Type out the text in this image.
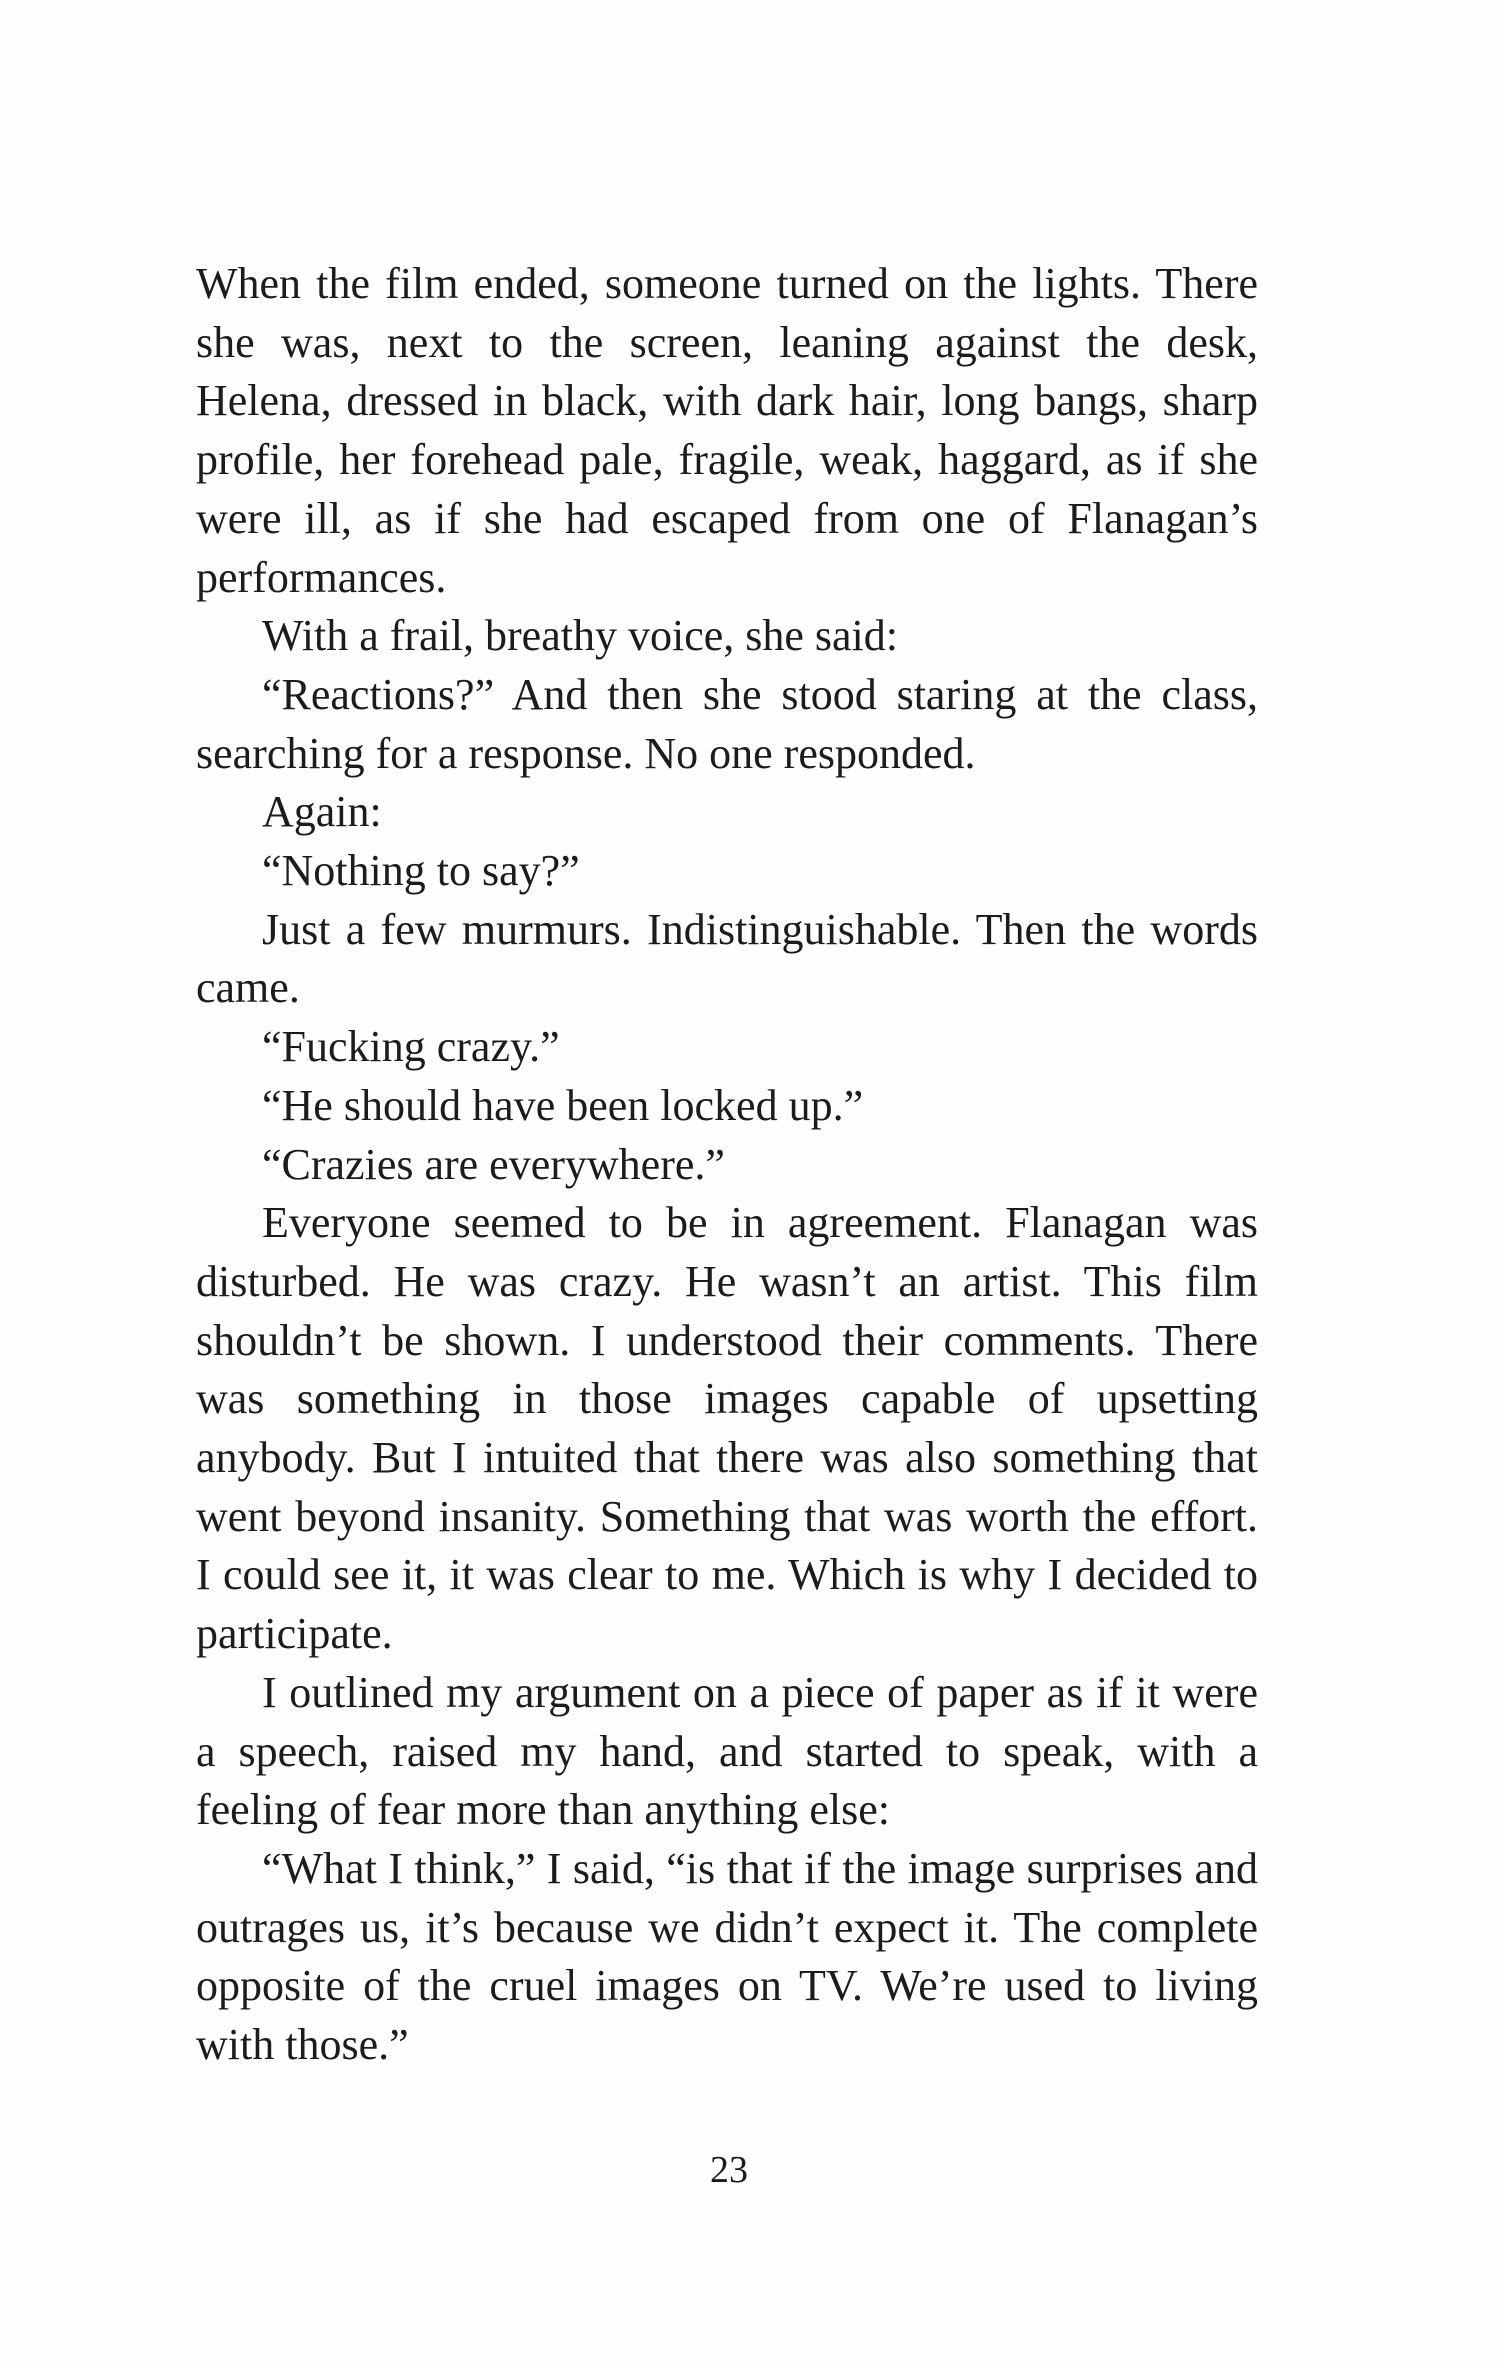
When the film ended, someone turned on the lights. There she was, next to the screen, leaning against the desk, Helena, dressed in black, with dark hair, long bangs, sharp profile, her forehead pale, fragile, weak, haggard, as if she were ill, as if she had escaped from one of Flanagan’s performances.

With a frail, breathy voice, she said:

“Reactions?” And then she stood staring at the class, searching for a response. No one responded.

Again:

“Nothing to say?”

Just a few murmurs. Indistinguishable. Then the words came.

“Fucking crazy.”

“He should have been locked up.”

“Crazies are everywhere.”

Everyone seemed to be in agreement. Flanagan was disturbed. He was crazy. He wasn’t an artist. This film shouldn’t be shown. I understood their comments. There was something in those images capable of upsetting anybody. But I intuited that there was also something that went beyond insanity. Something that was worth the effort. I could see it, it was clear to me. Which is why I decided to participate.

I outlined my argument on a piece of paper as if it were a speech, raised my hand, and started to speak, with a feeling of fear more than anything else:

“What I think,” I said, “is that if the image surprises and outrages us, it’s because we didn’t expect it. The complete opposite of the cruel images on TV. We’re used to living with those.”

23
